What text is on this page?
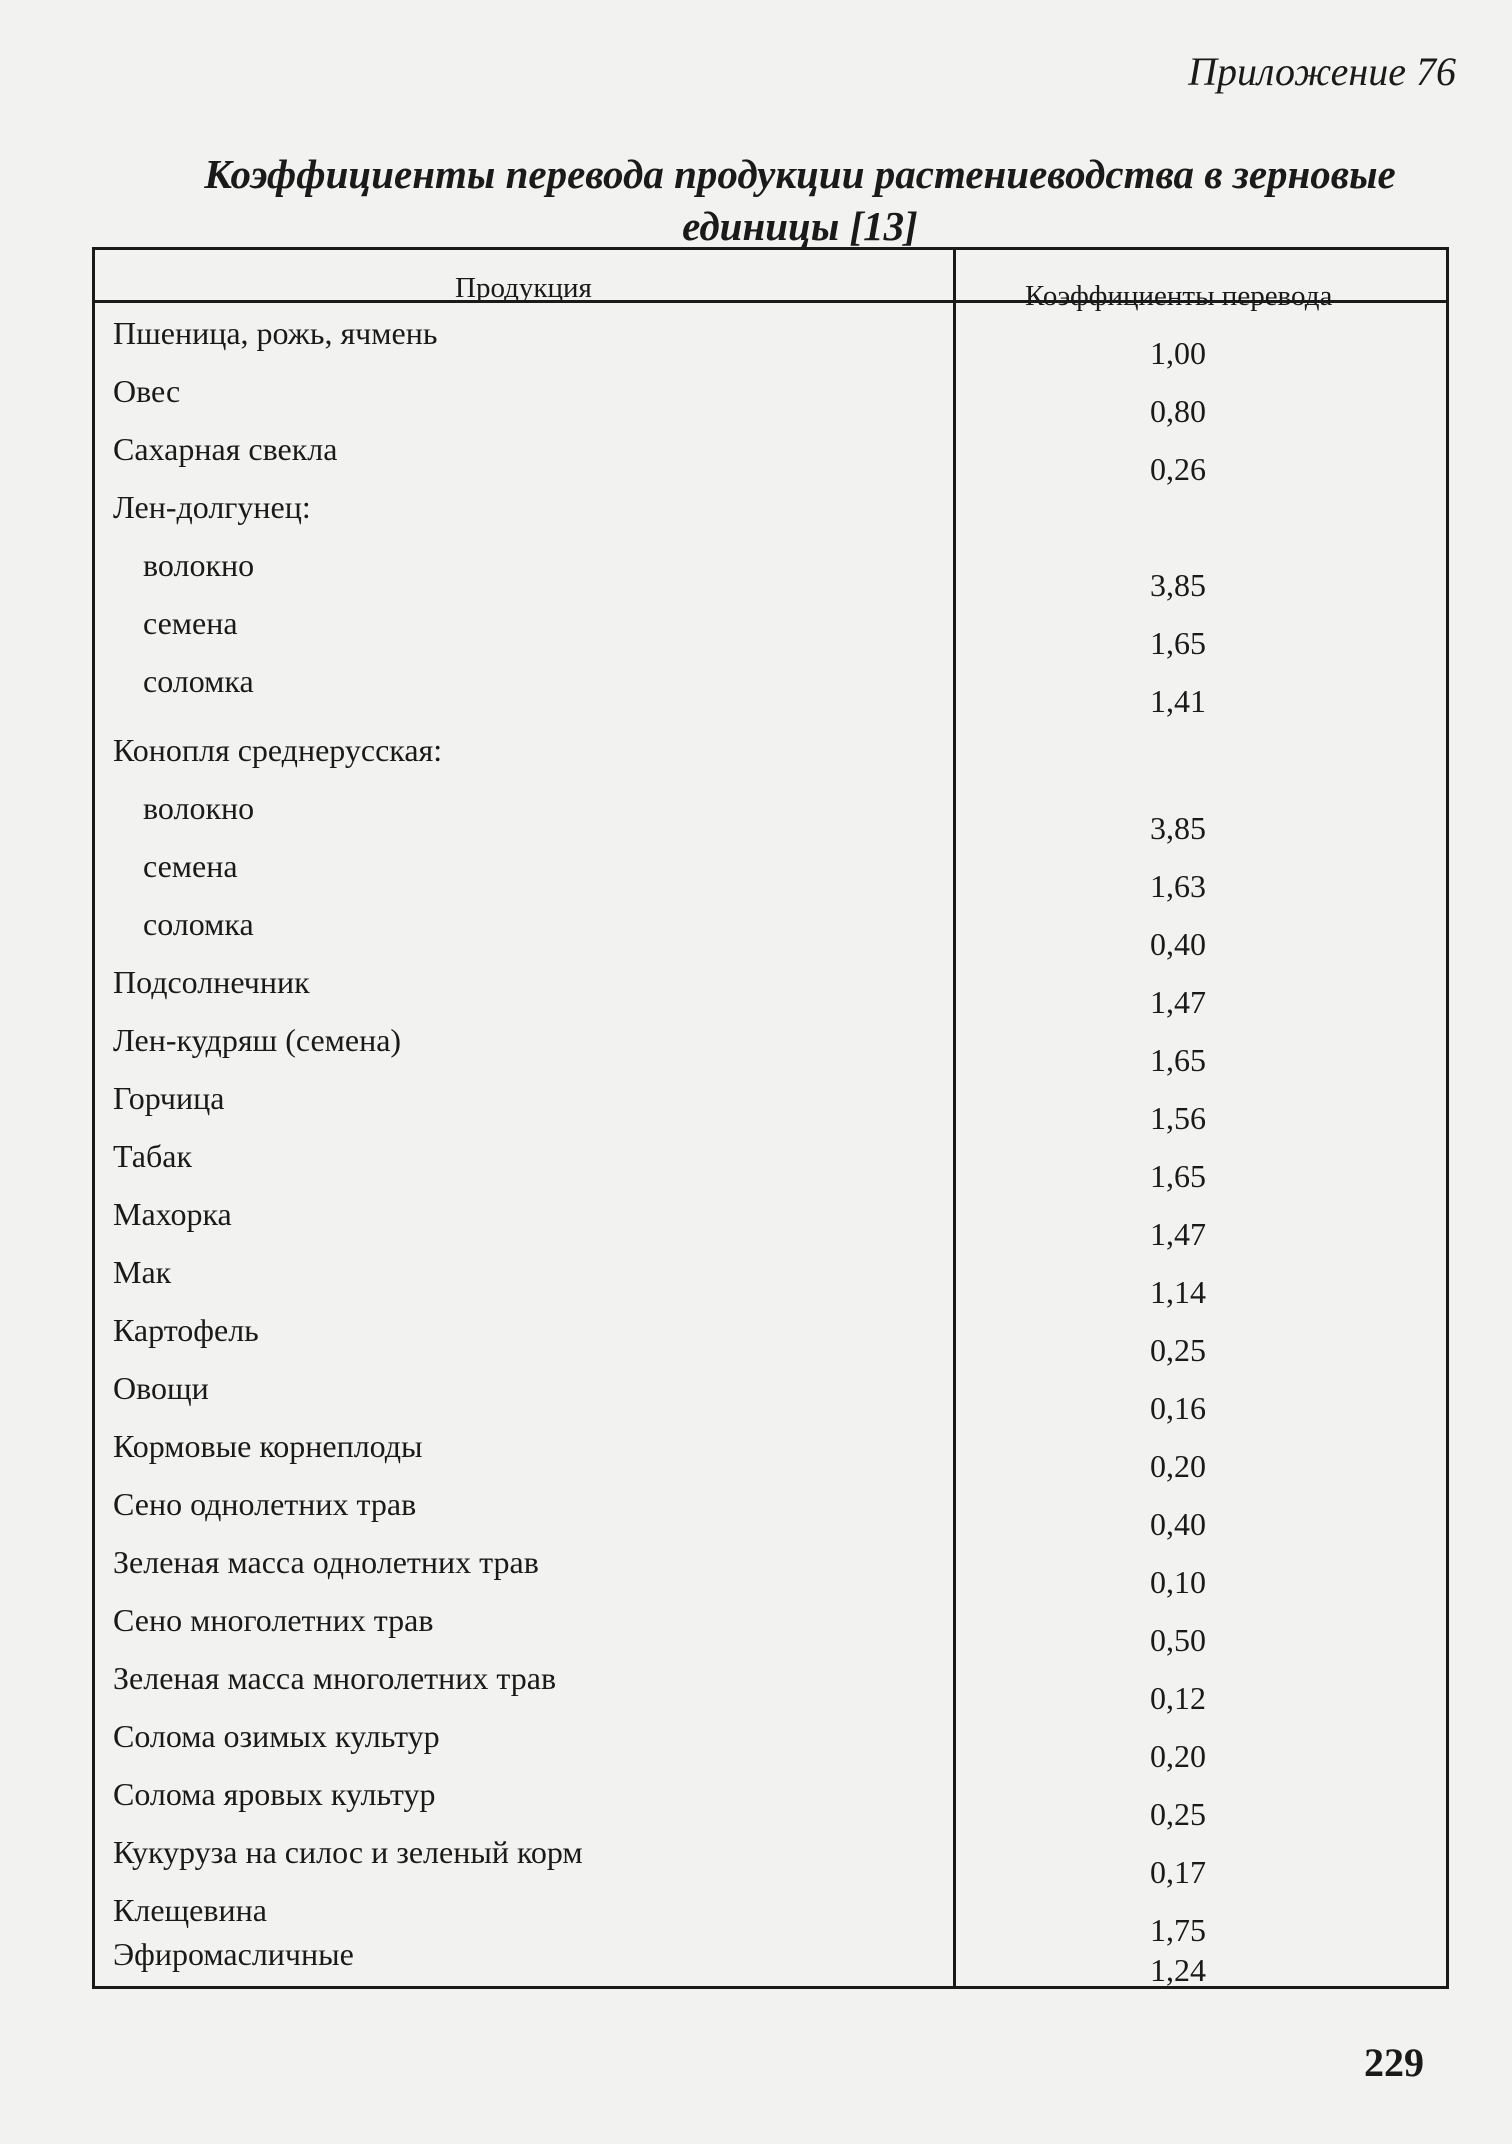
Приложение 76
Коэффициенты перевода продукции растениеводства в зерновые единицы [13]
Продукция	Коэффициенты перевода
Пшеница, рожь, ячмень
1,00
Овес
0,80
Сахарная свекла
0,26
Лен-долгунец:
волокно
3,85
семена
1,65
соломка
1,41
Конопля среднерусская:
волокно
3,85
семена
1,63
соломка
0,40
Подсолнечник
1,47
Лен-кудряш (семена)
1,65
Горчица
1,56
Табак
1,65
Махорка
1,47
Мак
1,14
Картофель
0,25
Овощи
0,16
Кормовые корнеплоды
0,20
Сено однолетних трав
0,40
Зеленая масса однолетних трав
0,10
Сено многолетних трав
0,50
Зеленая масса многолетних трав
0,12
Солома озимых культур
0,20
Солома яровых культур
0,25
Кукуруза на силос и зеленый корм
0,17
Клещевина
1,75
Эфиромасличные	1,24
229
